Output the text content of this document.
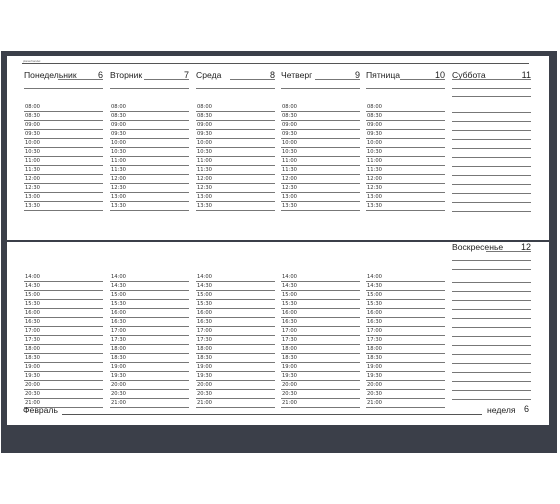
planerhandel
Понедельник 6
08:00
08:30
09:00
09:30
10:00
10:30
11:00
11:30
12:00
12:30
13:00
13:30
Вторник	7
08:00
08:30
09:00
09:30
10:00
10:30
11:00
11:30
12:00
12:30
13:00
13:30
Среда	8
08:00
08:30
09:00
09:30
10:00
10:30
11:00
11:30
12:00
12:30
13:00
13:30
Четверг	9
08:00
08:30
09:00
09:30
10:00
10:30
11:00
11:30
12:00
12:30
13:00
13:30
Пятница	10
08:00
08:30
09:00
09:30
10:00
10:30
11:00
11:30
12:00
12:30
13:00
13:30
Суббота	11
14:00
14:30
15:00
15:30
16:00
16:30
17:00
17:30
18:00
18:30
19:00
19:30
20:00
20:30
21:00
14:00
14:30
15:00
15:30
16:00
16:30
17:00
17:30
18:00
18:30
19:00
19:30
20:00
20:30
21:00
14:00
14:30
15:00
15:30
16:00
16:30
17:00
17:30
18:00
18:30
19:00
19:30
20:00
20:30
21:00
14:00
14:30
15:00
15:30
16:00
16:30
17:00
17:30
18:00
18:30
19:00
19:30
20:00
20:30
21:00
14:00
14:30
15:00
15:30
16:00
16:30
17:00
17:30
18:00
18:30
19:00
19:30
20:00
20:30
21:00
Воскресенье 12
Февраль	неделя 6
